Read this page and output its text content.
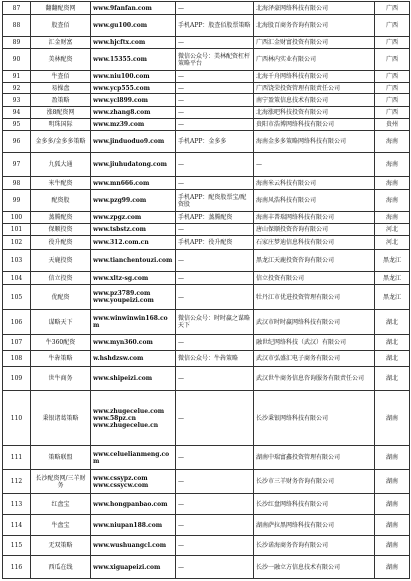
87	翻翻配资网	www.9fanfan.com	—	北海泽豪网络科技有限公司	广西
88	股查佰	www.gu100.com	手机APP：股查佰股票策略	北海股百商务咨询有限公司	广西
89	汇金财富	www.hjcftx.com	—	广西汇金财富投资有限公司	广西
90	美林配资	www.15355.com	微信公众号：美林配资杠杆策略平台	广西林内实业有限公司	广西
91	牛查佰	www.niu100.com	—	北海千舟网络科技有限公司	广西
92	易操盘	www.ycp555.com	—	广西饶荣投资管理有限责任公司	广西
93	盈策略	www.ycl899.com	—	南宁盈策信息技术有限公司	广西
94	涨8配资网	www.zhang8.com	—	北海涨吧科技投资有限公司	广西
95	明珠国际	www.mz39.com	—	贵阳市浩博网络科技有限公司	贵州
96	金多多/金多多策略	www.jinduoduo9.com	手机APP：金多多	海南金多多策略网络科技有限公司	海南
97	九狐大通	www.jiuhudatong.com	—	—	海南
98	米牛配资	www.mn666.com	—	海南米云科技有限公司	海南
99	配资股	www.pzg99.com	手机APP：配资股票宝/配资股	海南风浩科技有限公司	海南
100	蒸腾配资	www.zpgz.com	手机APP：蒸腾配资	海南丰普瑞网络科技有限公司	海南
101	保顺投资	www.tsbstz.com	—	唐山保顺投资咨询有限公司	河北
102	役升配资	www.312.com.cn	手机APP：役升配资	石家庄梦迪信息科技有限公司	河北
103	天鹿投资	www.tianchentouzi.com	—	黑龙江天鹿投资咨询有限公司	黑龙江
104	信立投资	www.xltz-sg.com	—	信立投资有限公司	黑龙江
105	优配资	www.pz3789.com
www.youpeizi.com	—	牡丹江市优进投资管理有限公司	黑龙江
106	谋略天下	www.winwinwin168.com	微信公众号：时时赢之谋略天下	武汉市时时赢网络科技有限公司	湖北
107	牛360配资	www.myn360.com	—	融世纪网络科技（武汉）有限公司	湖北
108	牛犇策略	w.hshdzsw.com	微信公众号：牛犇策略	武汉市弘盛汇电子商务有限公司	湖北
109	世牛商务	www.shipeizi.com	—	武汉世牛商务信息咨询服务有限责任公司	湖北
110	秉银诸葛策略	www.zhugecelue.com
www.58pz.cn
www.zhugecelue.cn	—	长沙秉银网络科技有限公司	湖南
111	策略联盟	www.celuelianmeng.com	—	湖南中瑞富鑫投资管理有限公司	湖南
112	长沙配资网/三羊财务	www.cssypz.com
www.cssycw.com	—	长沙市三羊财务咨询有限公司	湖南
113	红盘宝	www.hongpanbao.com	—	长沙红盘网络科技有限公司	湖南
114	牛盘宝	www.niupan188.com	—	湖南萨拉黑网络科技有限公司	湖南
115	无双策略	www.wushuangcl.com	—	长沙诺海商务咨询有限公司	湖南
116	西瓜在线	www.xiguapeizi.com	—	长沙一融立方信息技术有限公司	湖南
